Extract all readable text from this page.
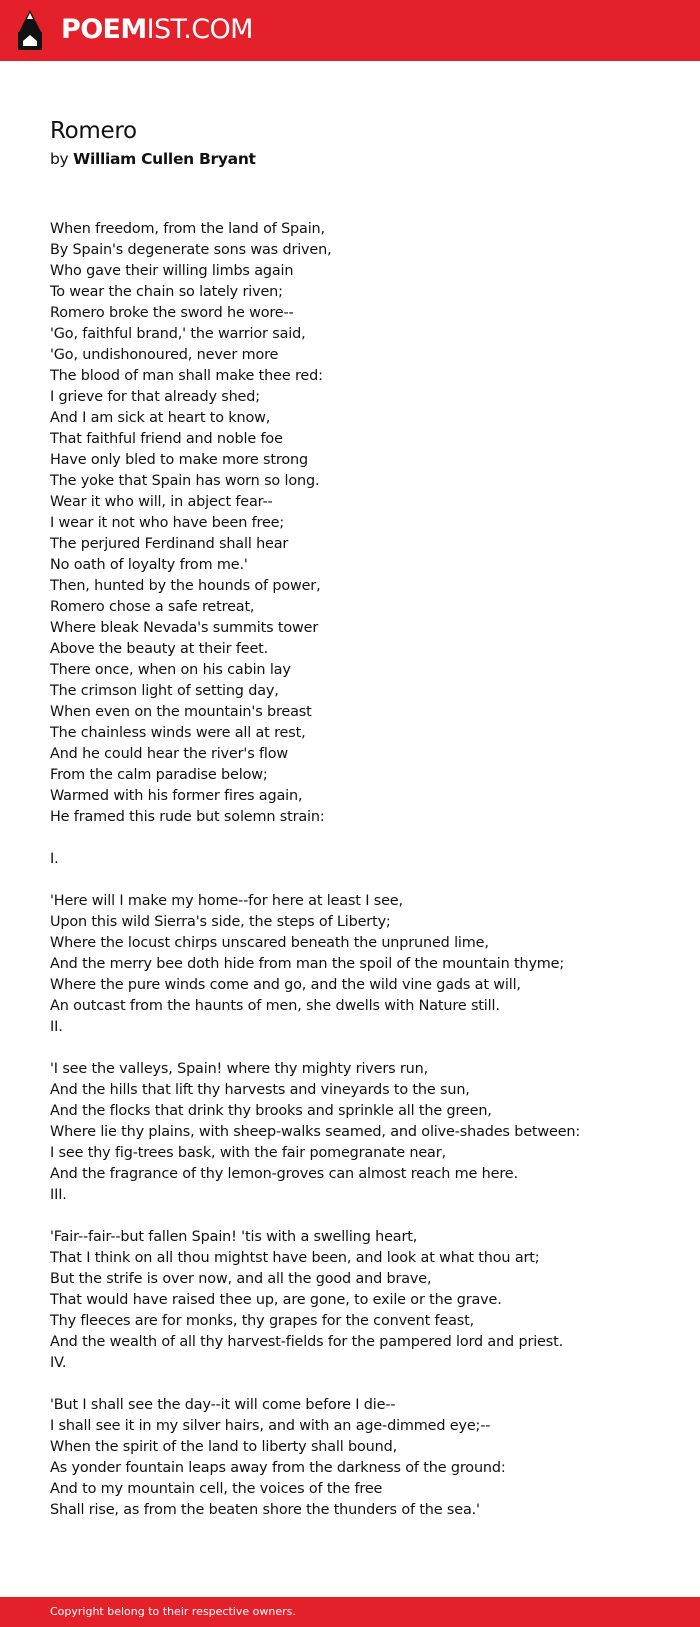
POEMIST.COM
Romero
by William Cullen Bryant
When freedom, from the land of Spain,
By Spain's degenerate sons was driven,
Who gave their willing limbs again
To wear the chain so lately riven;
Romero broke the sword he wore--
'Go, faithful brand,' the warrior said,
'Go, undishonoured, never more
The blood of man shall make thee red:
I grieve for that already shed;
And I am sick at heart to know,
That faithful friend and noble foe
Have only bled to make more strong
The yoke that Spain has worn so long.
Wear it who will, in abject fear--
I wear it not who have been free;
The perjured Ferdinand shall hear
No oath of loyalty from me.'
Then, hunted by the hounds of power,
Romero chose a safe retreat,
Where bleak Nevada's summits tower
Above the beauty at their feet.
There once, when on his cabin lay
The crimson light of setting day,
When even on the mountain's breast
The chainless winds were all at rest,
And he could hear the river's flow
From the calm paradise below;
Warmed with his former fires again,
He framed this rude but solemn strain:
I.
'Here will I make my home--for here at least I see,
Upon this wild Sierra's side, the steps of Liberty;
Where the locust chirps unscared beneath the unpruned lime,
And the merry bee doth hide from man the spoil of the mountain thyme;
Where the pure winds come and go, and the wild vine gads at will,
An outcast from the haunts of men, she dwells with Nature still.
II.
'I see the valleys, Spain! where thy mighty rivers run,
And the hills that lift thy harvests and vineyards to the sun,
And the flocks that drink thy brooks and sprinkle all the green,
Where lie thy plains, with sheep-walks seamed, and olive-shades between:
I see thy fig-trees bask, with the fair pomegranate near,
And the fragrance of thy lemon-groves can almost reach me here.
III.
'Fair--fair--but fallen Spain! 'tis with a swelling heart,
That I think on all thou mightst have been, and look at what thou art;
But the strife is over now, and all the good and brave,
That would have raised thee up, are gone, to exile or the grave.
Thy fleeces are for monks, thy grapes for the convent feast,
And the wealth of all thy harvest-fields for the pampered lord and priest.
IV.
'But I shall see the day--it will come before I die--
I shall see it in my silver hairs, and with an age-dimmed eye;--
When the spirit of the land to liberty shall bound,
As yonder fountain leaps away from the darkness of the ground:
And to my mountain cell, the voices of the free
Shall rise, as from the beaten shore the thunders of the sea.'
Copyright belong to their respective owners.
